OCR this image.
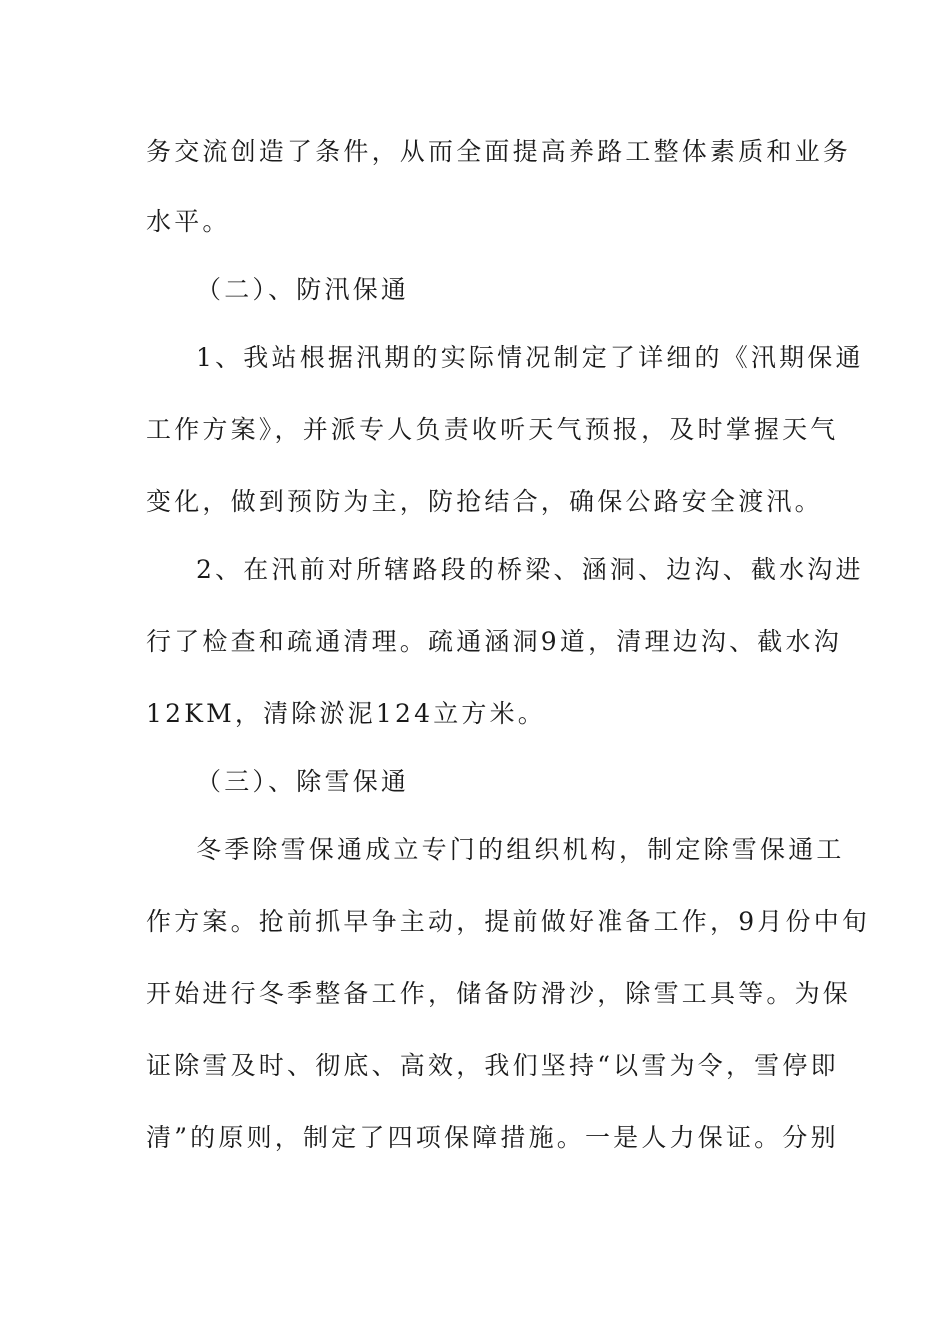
务交流创造了条件，从而全面提高养路工整体素质和业务
水平。
（二）、防汛保通
1、我站根据汛期的实际情况制定了详细的《汛期保通
工作方案》，并派专人负责收听天气预报，及时掌握天气
变化，做到预防为主，防抢结合，确保公路安全渡汛。
2、在汛前对所辖路段的桥梁、涵洞、边沟、截水沟进
行了检查和疏通清理。疏通涵洞9道，清理边沟、截水沟
12KM，清除淤泥124立方米。
（三）、除雪保通
冬季除雪保通成立专门的组织机构，制定除雪保通工
作方案。抢前抓早争主动，提前做好准备工作，9月份中旬
开始进行冬季整备工作，储备防滑沙，除雪工具等。为保
证除雪及时、彻底、高效，我们坚持“以雪为令，雪停即
清”的原则，制定了四项保障措施。一是人力保证。分别
